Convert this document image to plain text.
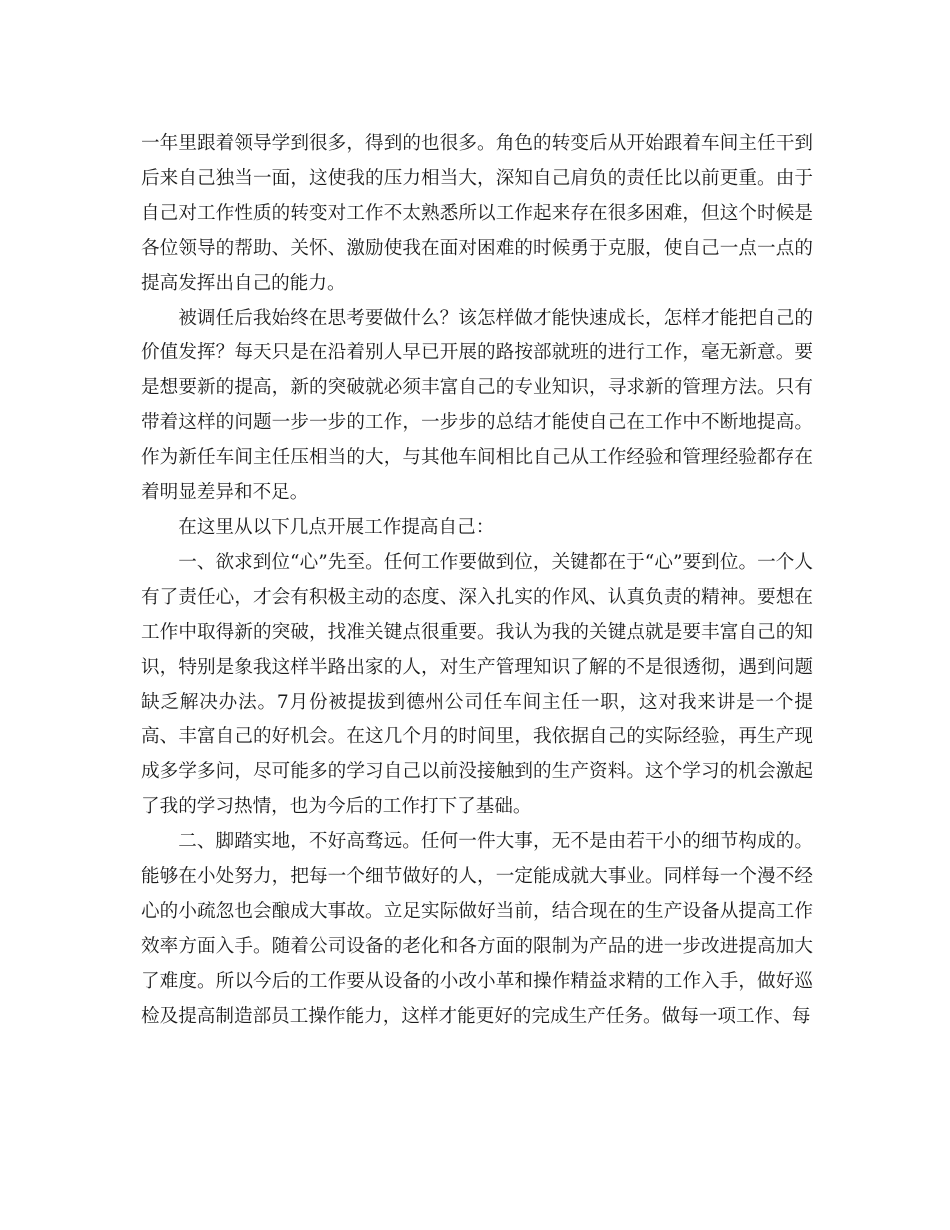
一年里跟着领导学到很多，得到的也很多。角色的转变后从开始跟着车间主任干到后来自己独当一面，这使我的压力相当大，深知自己肩负的责任比以前更重。由于自己对工作性质的转变对工作不太熟悉所以工作起来存在很多困难，但这个时候是各位领导的帮助、关怀、激励使我在面对困难的时候勇于克服，使自己一点一点的提高发挥出自己的能力。

被调任后我始终在思考要做什么？该怎样做才能快速成长，怎样才能把自己的价值发挥？每天只是在沿着别人早已开展的路按部就班的进行工作，毫无新意。要是想要新的提高，新的突破就必须丰富自己的专业知识，寻求新的管理方法。只有带着这样的问题一步一步的工作，一步步的总结才能使自己在工作中不断地提高。作为新任车间主任压相当的大，与其他车间相比自己从工作经验和管理经验都存在着明显差异和不足。

在这里从以下几点开展工作提高自己：

一、欲求到位“心”先至。任何工作要做到位，关键都在于“心”要到位。一个人有了责任心，才会有积极主动的态度、深入扎实的作风、认真负责的精神。要想在工作中取得新的突破，找准关键点很重要。我认为我的关键点就是要丰富自己的知识，特别是象我这样半路出家的人，对生产管理知识了解的不是很透彻，遇到问题缺乏解决办法。7月份被提拔到德州公司任车间主任一职，这对我来讲是一个提高、丰富自己的好机会。在这几个月的时间里，我依据自己的实际经验，再生产现成多学多问，尽可能多的学习自己以前没接触到的生产资料。这个学习的机会激起了我的学习热情，也为今后的工作打下了基础。

二、脚踏实地，不好高骛远。任何一件大事，无不是由若干小的细节构成的。能够在小处努力，把每一个细节做好的人，一定能成就大事业。同样每一个漫不经心的小疏忽也会酿成大事故。立足实际做好当前，结合现在的生产设备从提高工作效率方面入手。随着公司设备的老化和各方面的限制为产品的进一步改进提高加大了难度。所以今后的工作要从设备的小改小革和操作精益求精的工作入手，做好巡检及提高制造部员工操作能力，这样才能更好的完成生产任务。做每一项工作、每
